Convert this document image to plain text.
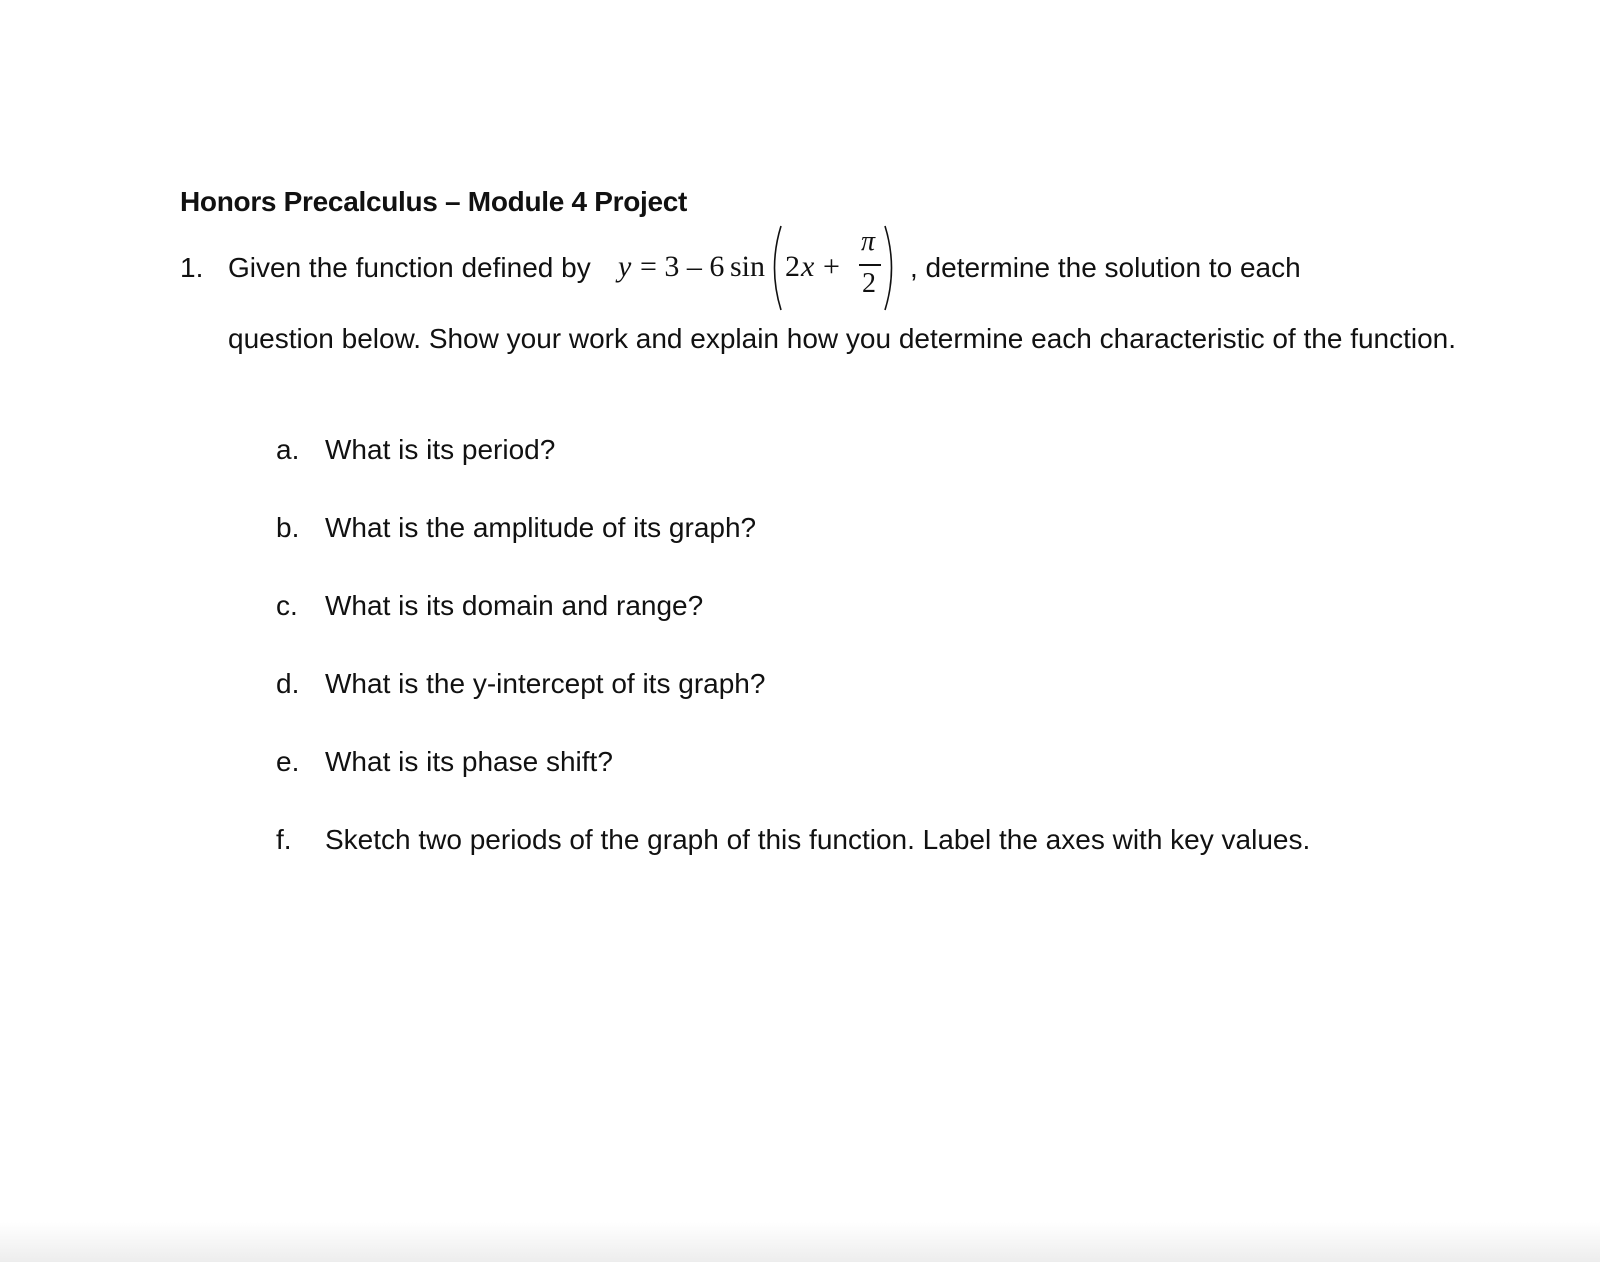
Honors Precalculus – Module 4 Project
1. Given the function defined by y = 3 – 6 sin 2 x +
π
2
, determine the solution to each
question below. Show your work and explain how you determine each characteristic of the function.
a. What is its period?
b. What is the amplitude of its graph?
c. What is its domain and range?
d. What is the y-intercept of its graph?
e. What is its phase shift?
f. Sketch two periods of the graph of this function. Label the axes with key values.
